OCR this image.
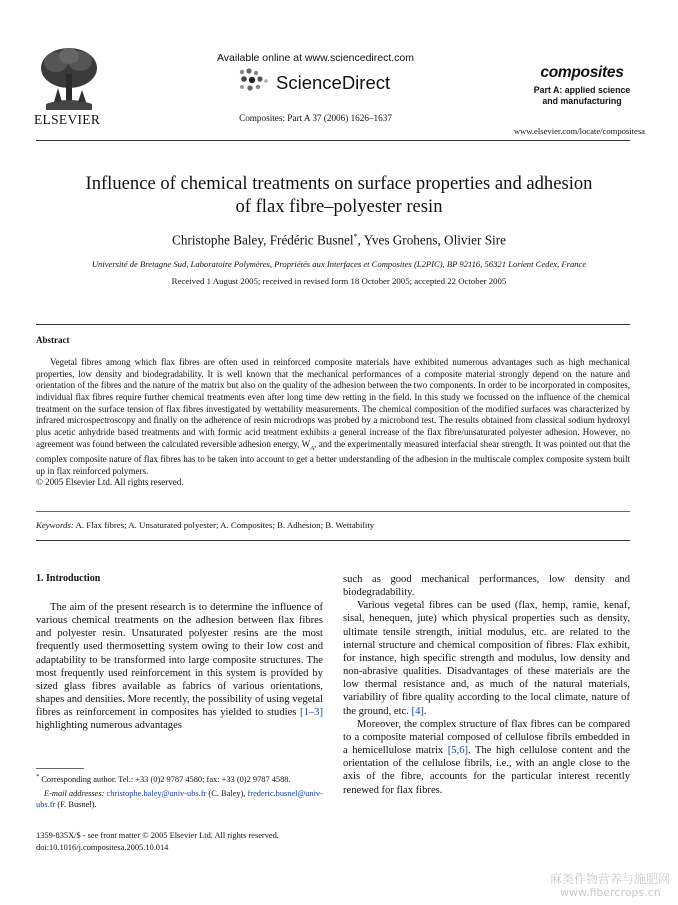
ELSEVIER
Available online at www.sciencedirect.com
ScienceDirect
Composites: Part A 37 (2006) 1626–1637
composites
Part A: applied science
and manufacturing
www.elsevier.com/locate/compositesa
Influence of chemical treatments on surface properties and adhesion
of flax fibre–polyester resin
Christophe Baley, Frédéric Busnel*, Yves Grohens, Olivier Sire
Université de Bretagne Sud, Laboratoire Polymères, Propriétés aux Interfaces et Composites (L2PIC), BP 92116, 56321 Lorient Cedex, France
Received 1 August 2005; received in revised form 18 October 2005; accepted 22 October 2005
Abstract

Vegetal fibres among which flax fibres are often used in reinforced composite materials have exhibited numerous advantages such as high mechanical properties, low density and biodegradability. It is well known that the mechanical performances of a composite material strongly depend on the nature and orientation of the fibres and the nature of the matrix but also on the quality of the adhesion between the two components. In order to be incorporated in composites, individual flax fibres require further chemical treatments even after long time dew retting in the field. In this study we focussed on the influence of the chemical treatment on the surface tension of flax fibres investigated by wettability measurements. The chemical composition of the modified surfaces was characterized by infrared microspectroscopy and finally on the adherence of resin microdrops was probed by a microbond test. The results obtained from classical sodium hydroxyl plus acetic anhydride based treatments and with formic acid treatment exhibits a general increase of the flax fibre/unsaturated polyester adhesion. However, no agreement was found between the calculated reversible adhesion energy, $W_A$, and the experimentally measured interfacial shear strength. It was pointed out that the complex composite nature of flax fibres has to be taken into account to get a better understanding of the adhesion in the multiscale complex composite system built up in flax reinforced polymers.

© 2005 Elsevier Ltd. All rights reserved.

Keywords: A. Flax fibres; A. Unsaturated polyester; A. Composites; B. Adhesion; B. Wettability
1. Introduction

The aim of the present research is to determine the influence of various chemical treatments on the adhesion between flax fibres and polyester resin. Unsaturated polyester resins are the most frequently used thermosetting system owing to their low cost and adaptability to be transformed into large composite structures. The most frequently used reinforcement in this system is provided by sized glass fibres available as fabrics of various orientations, shapes and densities. More recently, the possibility of using vegetal fibres as reinforcement in composites has yielded to studies [1–3] highlighting numerous advantages

* Corresponding author. Tel.: +33 (0)2 9787 4580; fax: +33 (0)2 9787 4588.
E-mail addresses: christophe.baley@univ-ubs.fr (C. Baley), frederic.busnel@univ-ubs.fr (F. Busnel).
1359-835X/$ - see front matter © 2005 Elsevier Ltd. All rights reserved.
doi:10.1016/j.compositesa.2005.10.014

such as good mechanical performances, low density and biodegradability.

Various vegetal fibres can be used (flax, hemp, ramie, kenaf, sisal, henequen, jute) which physical properties such as density, ultimate tensile strength, initial modulus, etc. are related to the internal structure and chemical composition of fibres. Flax exhibit, for instance, high specific strength and modulus, low density and non-abrasive qualities. Disadvantages of these materials are the low thermal resistance and, as much of the natural materials, variability of fibre quality according to the local climate, nature of the ground, etc. [4].

Moreover, the complex structure of flax fibres can be compared to a composite material composed of cellulose fibrils embedded in a hemicellulose matrix [5,6]. The high cellulose content and the orientation of the cellulose fibrils, i.e., with an angle close to the axis of the fibre, accounts for the particular interest recently renewed for flax fibres.

麻类作物营养与施肥网
www.fibercrops.cn
